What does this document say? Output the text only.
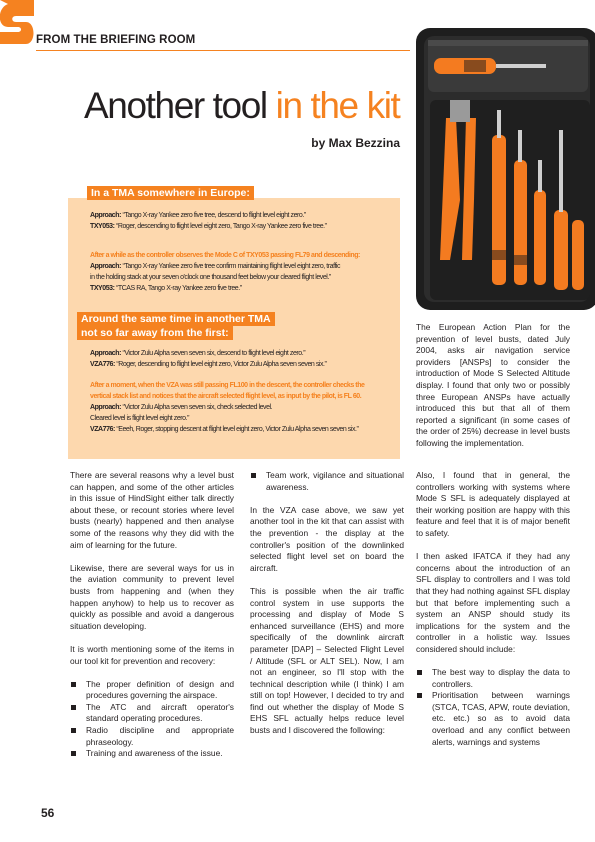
FROM THE BRIEFING ROOM
Another tool in the kit
by Max Bezzina
In a TMA somewhere in Europe:
Approach: “Tango X-ray Yankee zero five tree, descend to flight level eight zero.”
TXY053: “Roger, descending to flight level eight zero, Tango X-ray Yankee zero five tree.”
After a while as the controller observes the Mode C of TXY053 passing FL79 and descending:
Approach: “Tango X-ray Yankee zero five tree confirm maintaining flight level eight zero, traffic
in the holding stack at your seven o'clock one thousand feet below your cleared flight level.”
TXY053: “TCAS RA, Tango X-ray Yankee zero five tree.”
Around the same time in another TMA
not so far away from the first:
Approach: “Victor Zulu Alpha seven seven six, descend to flight level eight zero.”
VZA776: “Roger, descending to flight level eight zero, Victor Zulu Alpha seven seven six.”
After a moment, when the VZA was still passing FL100 in the descent, the controller checks the
vertical stack list and notices that the aircraft selected flight level, as input by the pilot, is FL 60.
Approach: “Victor Zulu Alpha seven seven six, check selected level.
Cleared level is flight level eight zero.”
VZA776: “Eeeh, Roger, stopping descent at flight level eight zero, Victor Zulu Alpha seven seven six.”

There are several reasons why a level bust can happen, and some of the other articles in this issue of HindSight either talk directly about these, or recount stories where level busts (nearly) happened and then analyse some of the reasons why they did with the aim of learning for the future.

Likewise, there are several ways for us in the aviation community to prevent level busts from happening and (when they happen anyhow) to help us to recover as quickly as possible and avoid a dangerous situation developing.

It is worth mentioning some of the items in our tool kit for prevention and recovery:

The proper definition of design and procedures governing the airspace.
The ATC and aircraft operator's standard operating procedures.
Radio discipline and appropriate phraseology.
Training and awareness of the issue.
Team work, vigilance and situational awareness.

In the VZA case above, we saw yet another tool in the kit that can assist with the prevention - the display at the controller's position of the downlinked selected flight level set on board the aircraft.

This is possible when the air traffic control system in use supports the processing and display of Mode S enhanced surveillance (EHS) and more specifically of the downlink aircraft parameter [DAP] – Selected Flight Level / Altitude (SFL or ALT SEL). Now, I am not an engineer, so I'll stop with the technical description while (I think) I am still on top! However, I decided to try and find out whether the display of Mode S EHS SFL actually helps reduce level busts and I discovered the following:

The European Action Plan for the prevention of level busts, dated July 2004, asks air navigation service providers [ANSPs] to consider the introduction of Mode S Selected Altitude display. I found that only two or possibly three European ANSPs have actually introduced this but that all of them reported a significant (in some cases of the order of 25%) decrease in level busts following the implementation.

Also, I found that in general, the controllers working with systems where Mode S SFL is adequately displayed at their working position are happy with this feature and feel that it is of major benefit to safety.

I then asked IFATCA if they had any concerns about the introduction of an SFL display to controllers and I was told that they had nothing against SFL display but that before implementing such a system an ANSP should study its implications for the system and the controller in a holistic way. Issues considered should include:

The best way to display the data to controllers.
Prioritisation between warnings (STCA, TCAS, APW, route deviation, etc. etc.) so as to avoid data overload and any conflict between alerts, warnings and systems
56
